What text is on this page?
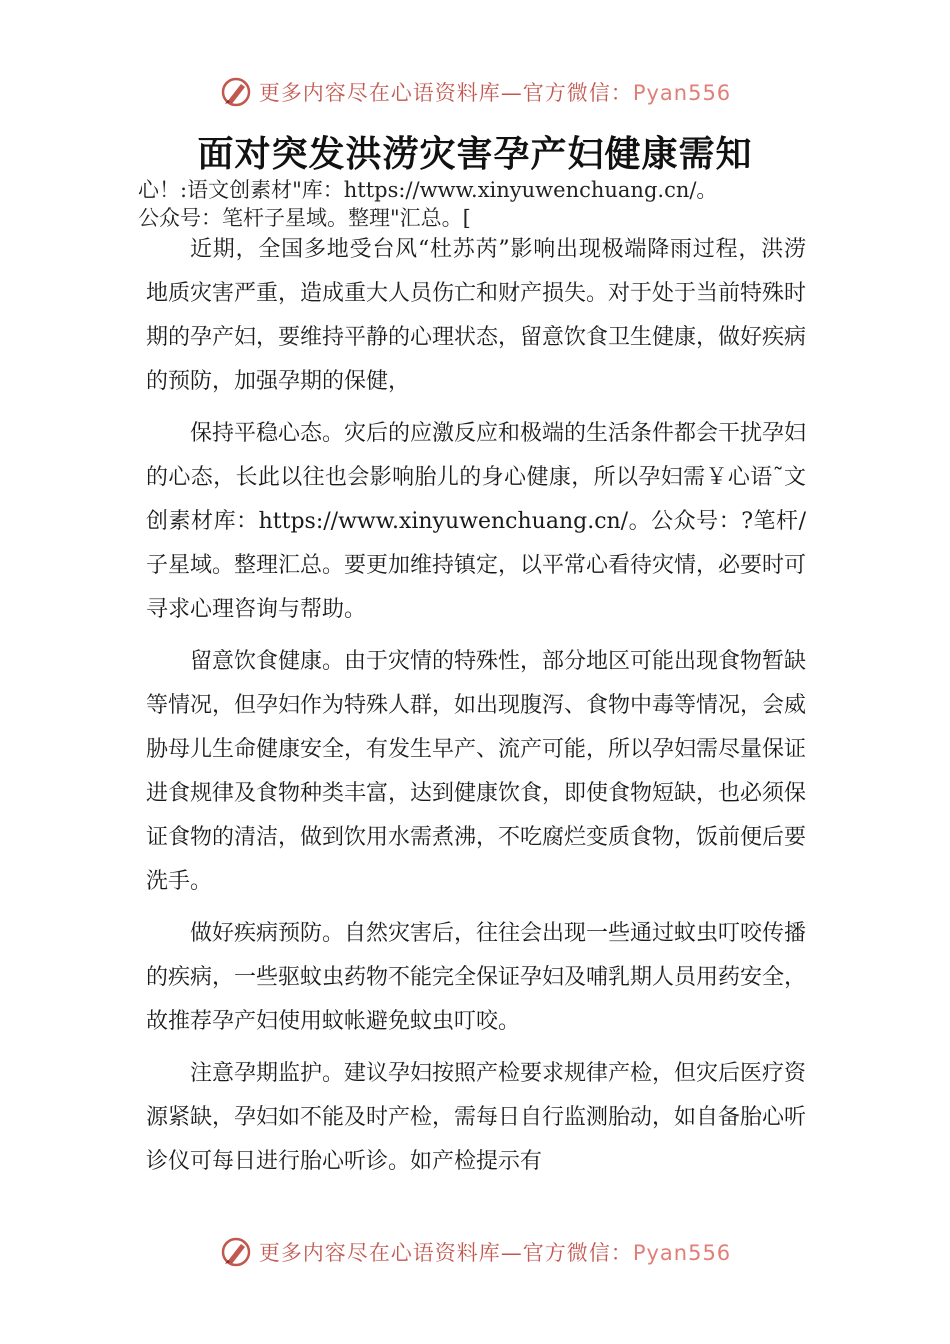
更多内容尽在心语资料库—官方微信：Pyan556
面对突发洪涝灾害孕产妇健康需知
心！:语文创素材"库：https://www.xinyuwenchuang.cn/。
公众号：笔杆子星域。整理"汇总。[

近期，全国多地受台风“杜苏芮”影响出现极端降雨过程，洪涝地质灾害严重，造成重大人员伤亡和财产损失。对于处于当前特殊时期的孕产妇，要维持平静的心理状态，留意饮食卫生健康，做好疾病的预防，加强孕期的保健，

保持平稳心态。灾后的应激反应和极端的生活条件都会干扰孕妇的心态，长此以往也会影响胎儿的身心健康，所以孕妇需￥心语˜文创素材库：https://www.xinyuwenchuang.cn/。公众号：?笔杆/子星域。整理汇总。要更加维持镇定，以平常心看待灾情，必要时可寻求心理咨询与帮助。

留意饮食健康。由于灾情的特殊性，部分地区可能出现食物暂缺等情况，但孕妇作为特殊人群，如出现腹泻、食物中毒等情况，会威胁母儿生命健康安全，有发生早产、流产可能，所以孕妇需尽量保证进食规律及食物种类丰富，达到健康饮食，即使食物短缺，也必须保证食物的清洁，做到饮用水需煮沸，不吃腐烂变质食物，饭前便后要洗手。

做好疾病预防。自然灾害后，往往会出现一些通过蚊虫叮咬传播的疾病，一些驱蚊虫药物不能完全保证孕妇及哺乳期人员用药安全，故推荐孕产妇使用蚊帐避免蚊虫叮咬。

注意孕期监护。建议孕妇按照产检要求规律产检，但灾后医疗资源紧缺，孕妇如不能及时产检，需每日自行监测胎动，如自备胎心听诊仪可每日进行胎心听诊。如产检提示有

更多内容尽在心语资料库—官方微信：Pyan556
